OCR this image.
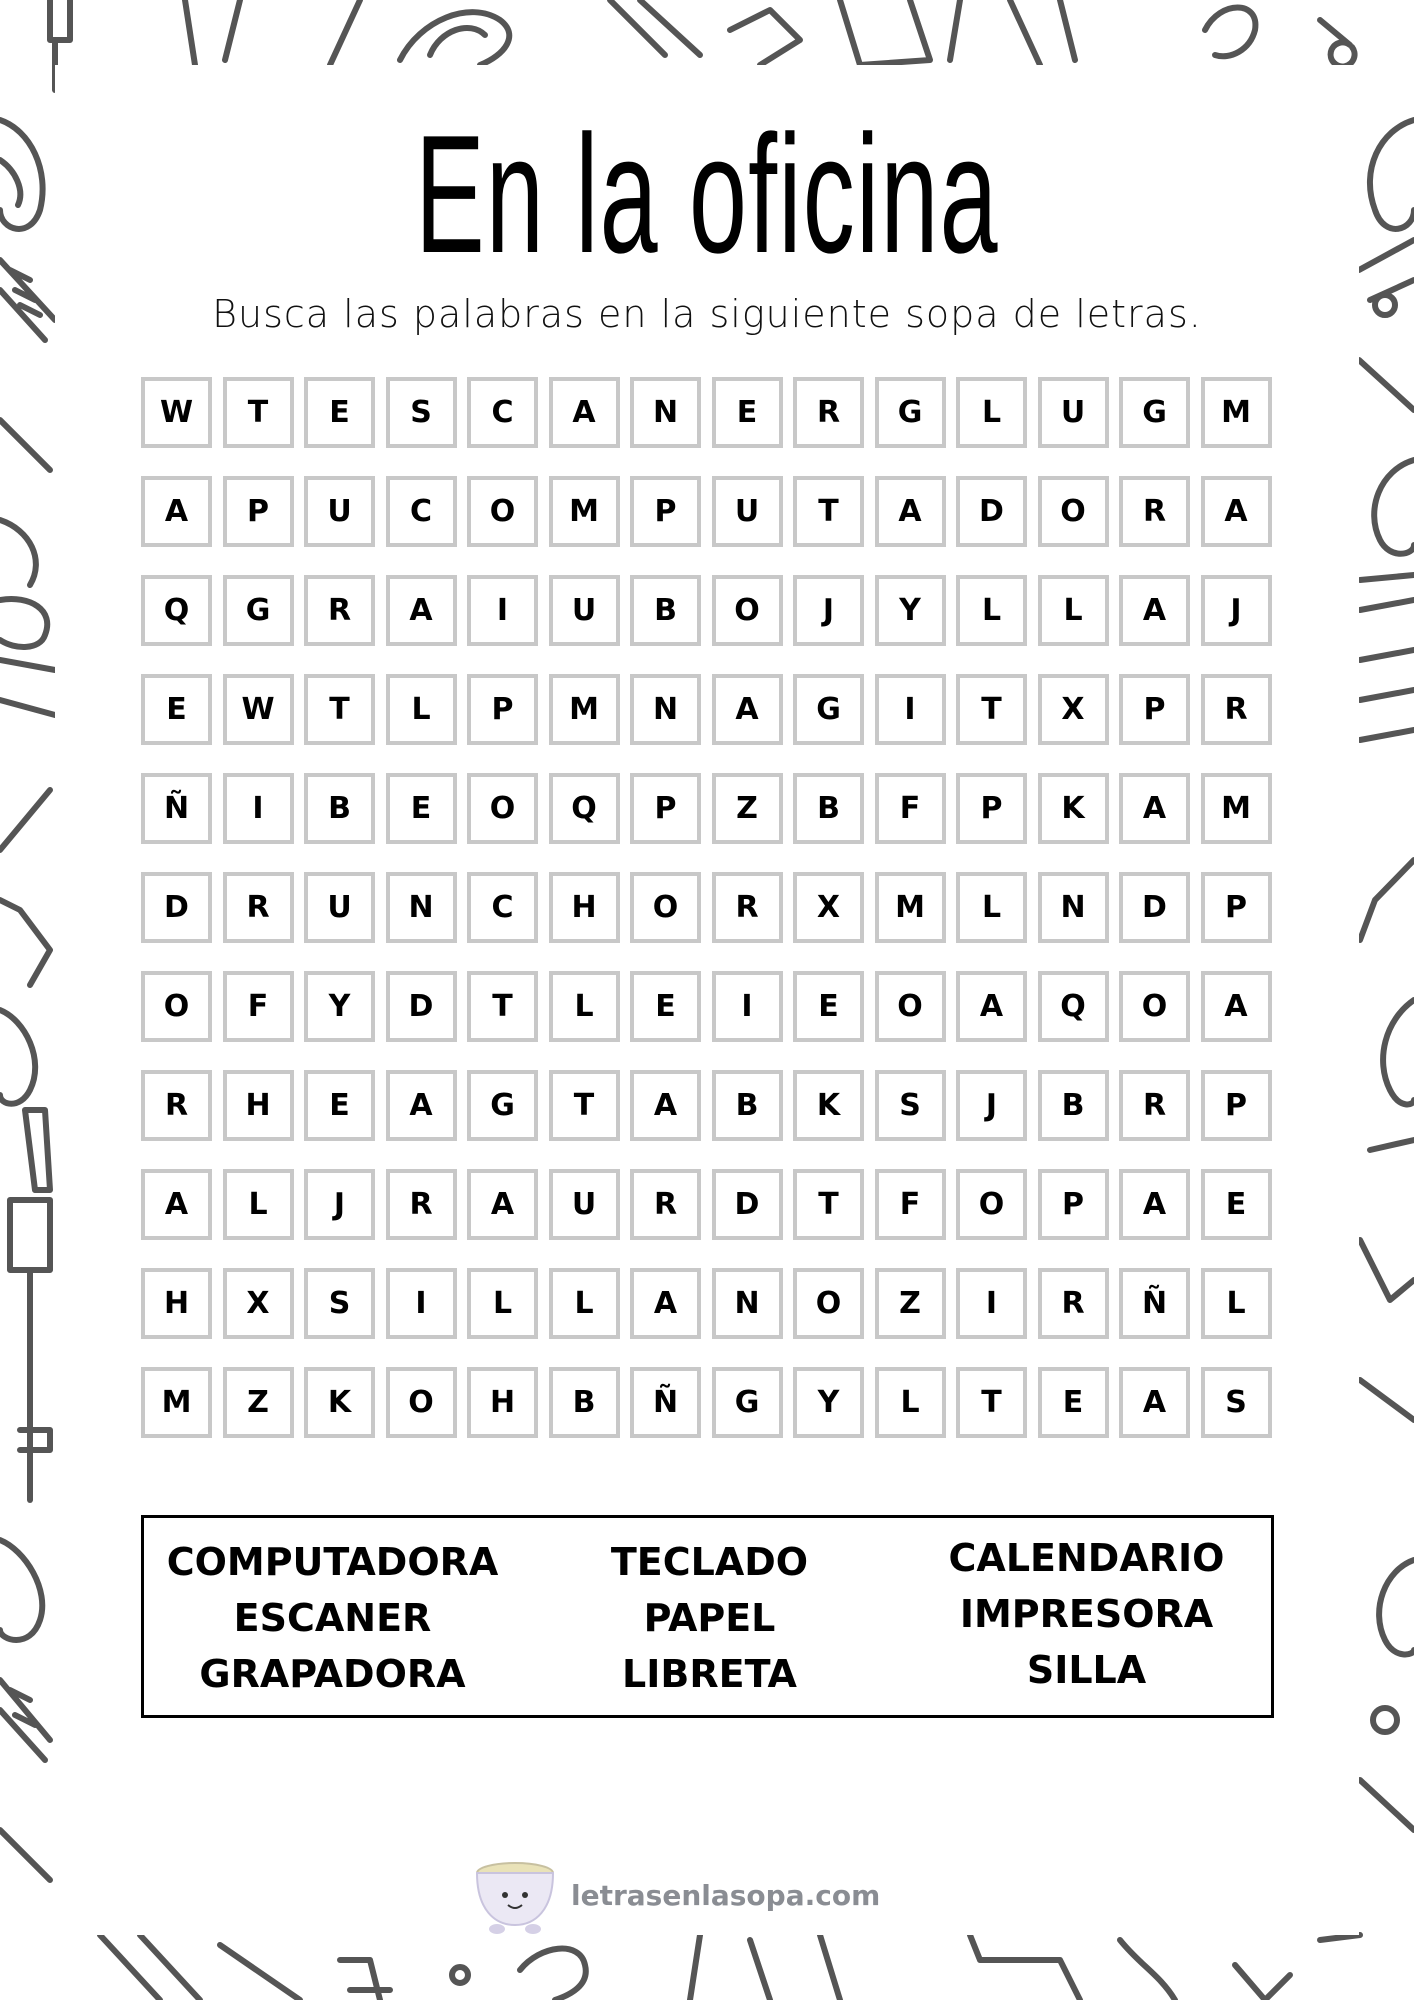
En la oficina
Busca las palabras en la siguiente sopa de letras.
W	T	E	S	C	A	N	E	R	G	L	U	G	M
A	P	U	C	O	M	P	U	T	A	D	O	R	A
Q	G	R	A	I	U	B	O	J	Y	L	L	A	J
E	W	T	L	P	M	N	A	G	I	T	X	P	R
Ñ	I	B	E	O	Q	P	Z	B	F	P	K	A	M
D	R	U	N	C	H	O	R	X	M	L	N	D	P
O	F	Y	D	T	L	E	I	E	O	A	Q	O	A
R	H	E	A	G	T	A	B	K	S	J	B	R	P
A	L	J	R	A	U	R	D	T	F	O	P	A	E
H	X	S	I	L	L	A	N	O	Z	I	R	Ñ	L
M	Z	K	O	H	B	Ñ	G	Y	L	T	E	A	S
COMPUTADORA
ESCANER
GRAPADORA
TECLADO
PAPEL
LIBRETA
CALENDARIO
IMPRESORA
SILLA
letrasenlasopa.com
